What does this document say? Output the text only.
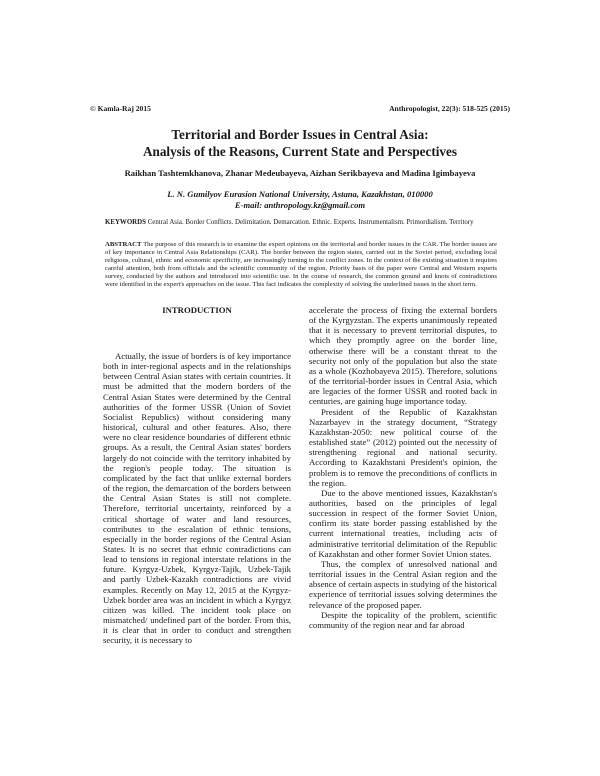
© Kamla-Raj 2015	Anthropologist, 22(3): 518-525 (2015)
Territorial and Border Issues in Central Asia:
Analysis of the Reasons, Current State and Perspectives
Raikhan Tashtemkhanova, Zhanar Medeubayeva, Aizhan Serikbayeva and Madina Igimbayeva
L. N. Gumilyov Eurasion National University, Astana, Kazakhstan, 010000
E-mail: anthropology.kz@gmail.com
KEYWORDS Central Asia. Border Conflicts. Delimitation. Demarcation. Ethnic. Experts. Instrumentalism. Primordialism. Territory
ABSTRACT The purpose of this research is to examine the expert opinions on the territorial and border issues in the CAR. The border issues are of key importance in Central Asia Relationships (CAR). The border between the region states, carried out in the Soviet period, excluding local religious, cultural, ethnic and economic specificity, are increasingly turning to the conflict zones. In the context of the existing situation it requires careful attention, both from officials and the scientific community of the region. Priority basis of the paper were Central and Western experts survey, conducted by the authors and introduced into scientific use. In the course of research, the common ground and knots of contradictions were identified in the expert's approaches on the issue. This fact indicates the complexity of solving the underlined issues in the short term.
INTRODUCTION

Actually, the issue of borders is of key importance both in inter-regional aspects and in the relationships between Central Asian states with certain countries. It must be admitted that the modern borders of the Central Asian States were determined by the Central authorities of the former USSR (Union of Soviet Socialist Republics) without considering many historical, cultural and other features. Also, there were no clear residence boundaries of different ethnic groups. As a result, the Central Asian states' borders largely do not coincide with the territory inhabited by the region's people today. The situation is complicated by the fact that unlike external borders of the region, the demarcation of the borders between the Central Asian States is still not complete. Therefore, territorial uncertainty, reinforced by a critical shortage of water and land resources, contributes to the escalation of ethnic tensions, especially in the border regions of the Central Asian States. It is no secret that ethnic contradictions can lead to tensions in regional interstate relations in the future. Kyrgyz-Uzbek, Kyrgyz-Tajik, Uzbek-Tajik and partly Uzbek-Kazakh contradictions are vivid examples. Recently on May 12, 2015 at the Kyrgyz-Uzbek border area was an incident in which a Kyrgyz citizen was killed. The incident took place on mismatched/ undefined part of the border. From this, it is clear that in order to conduct and strengthen security, it is necessary to

accelerate the process of fixing the external borders of the Kyrgyzstan. The experts unanimously repeated that it is necessary to prevent territorial disputes, to which they promptly agree on the border line, otherwise there will be a constant threat to the security not only of the population but also the state as a whole (Kozhobayeva 2015). Therefore, solutions of the territorial-border issues in Central Asia, which are legacies of the former USSR and rooted back in centuries, are gaining huge importance today.

President of the Republic of Kazakhstan Nazarbayev in the strategy document, “Strategy Kazakhstan-2050: new political course of the established state” (2012) pointed out the necessity of strengthening regional and national security. According to Kazakhstani President's opinion, the problem is to remove the preconditions of conflicts in the region.

Due to the above mentioned issues, Kazakhstan's authorities, based on the principles of legal succession in respect of the former Soviet Union, confirm its state border passing established by the current international treaties, including acts of administrative territorial delimitation of the Republic of Kazakhstan and other former Soviet Union states.

Thus, the complex of unresolved national and territorial issues in the Central Asian region and the absence of certain aspects in studying of the historical experience of territorial issues solving determines the relevance of the proposed paper.

Despite the topicality of the problem, scientific community of the region near and far abroad
